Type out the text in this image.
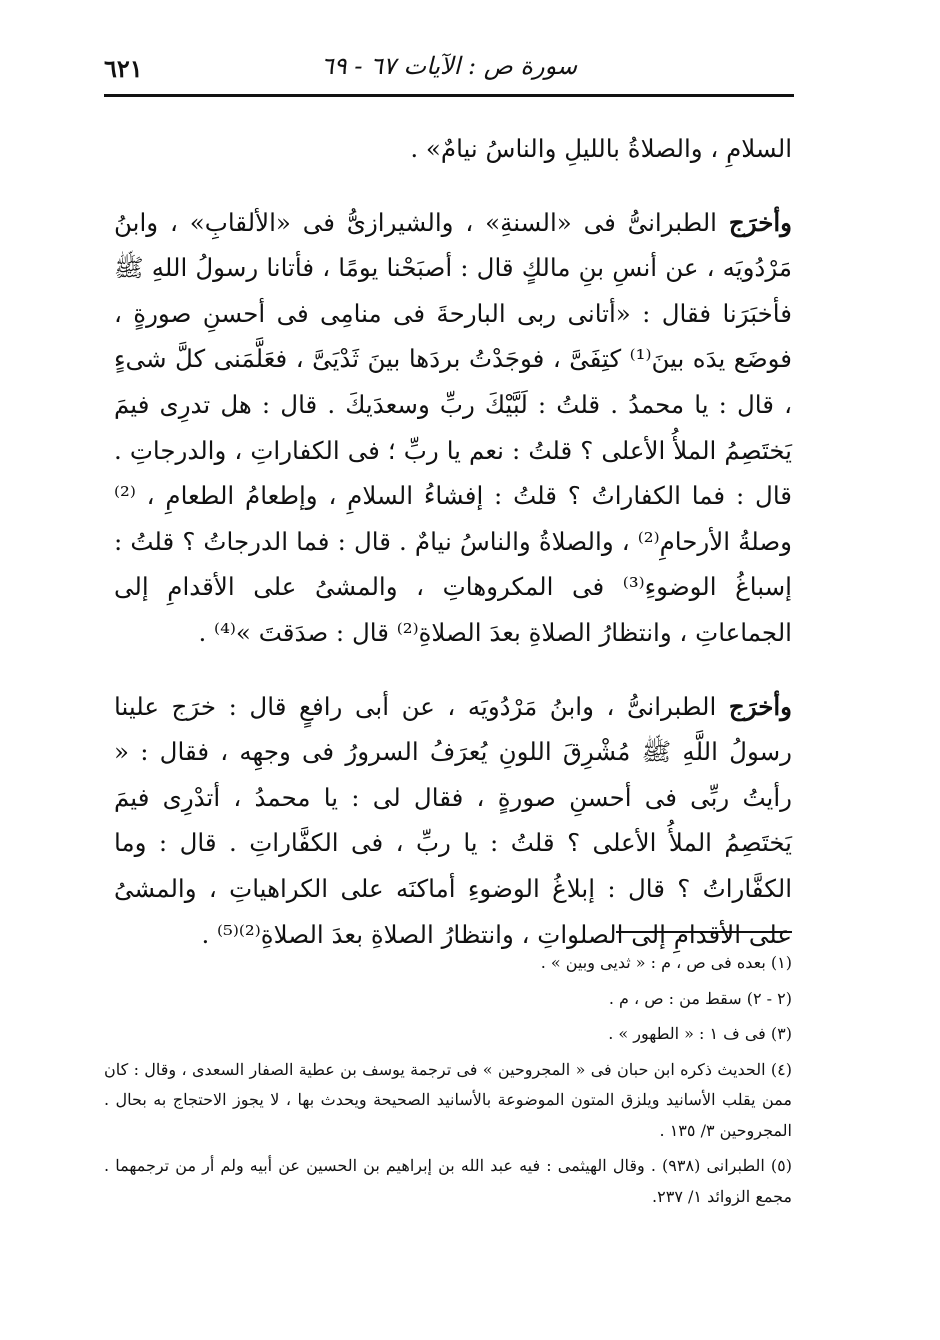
٦٢١	سورة ص : الآيات ٦٧ - ٦٩

السلامِ ، والصلاةُ بالليلِ والناسُ نيامٌ» .

وأخرَج الطبرانىُّ فى «السنةِ» ، والشيرازىُّ فى «الألقابِ» ، وابنُ مَرْدُويَه ، عن أنسِ بنِ مالكٍ قال : أصبَحْنا يومًا ، فأتانا رسولُ اللهِ ﷺ فأخبَرَنا فقال : «أتانى ربى البارحةَ فى منامِى فى أحسنِ صورةٍ ، فوضَع يدَه بينَ⁽¹⁾ كتِفَىَّ ، فوجَدْتُ بردَها بينَ ثَدْيَىَّ ، فعَلَّمَنى كلَّ شىءٍ ، قال : يا محمدُ . قلتُ : لَبَّيْكَ ربِّ وسعدَيكَ . قال : هل تدرِى فيمَ يَختَصِمُ الملأُ الأعلى ؟ قلتُ : نعم يا ربِّ ؛ فى الكفاراتِ ، والدرجاتِ . قال : فما الكفاراتُ ؟ قلتُ : إفشاءُ السلامِ ، وإطعامُ الطعامِ ، ⁽²⁾وصلةُ الأرحامِ⁽²⁾ ، والصلاةُ والناسُ نيامٌ . قال : فما الدرجاتُ ؟ قلتُ : إسباغُ الوضوءِ⁽³⁾ فى المكروهاتِ ، والمشىُ على الأقدامِ إلى الجماعاتِ ، وانتظارُ الصلاةِ بعدَ الصلاةِ⁽²⁾ قال : صدَقتَ »⁽⁴⁾ .

وأخرَج الطبرانىُّ ، وابنُ مَرْدُويَه ، عن أبى رافعٍ قال : خرَج علينا رسولُ اللَّهِ ﷺ مُشْرِقَ اللونِ يُعرَفُ السرورُ فى وجهِه ، فقال : « رأيتُ ربِّى فى أحسنِ صورةٍ ، فقال لى : يا محمدُ ، أتدْرِى فيمَ يَختَصِمُ الملأُ الأعلى ؟ قلتُ : يا ربِّ ، فى الكفَّاراتِ . قال : وما الكفَّاراتُ ؟ قال : إبلاغُ الوضوءِ أماكنَه على الكراهياتِ ، والمشىُ على الأقدامِ إلى الصلواتِ ، وانتظارُ الصلاةِ بعدَ الصلاةِ⁽²⁾⁽⁵⁾ .

(١) بعده فى ص ، م : « ثديى وبين » .

(٢ - ٢) سقط من : ص ، م .

(٣) فى ف ١ : « الطهور » .

(٤) الحديث ذكره ابن حبان فى « المجروحين » فى ترجمة يوسف بن عطية الصفار السعدى ، وقال : كان ممن يقلب الأسانيد ويلزق المتون الموضوعة بالأسانيد الصحيحة ويحدث بها ، لا يجوز الاحتجاج به بحال . المجروحين ٣/ ١٣٥ .

(٥) الطبرانى (٩٣٨) . وقال الهيثمى : فيه عبد الله بن إبراهيم بن الحسين عن أبيه ولم أر من ترجمهما . مجمع الزوائد ١/ ٢٣٧.
